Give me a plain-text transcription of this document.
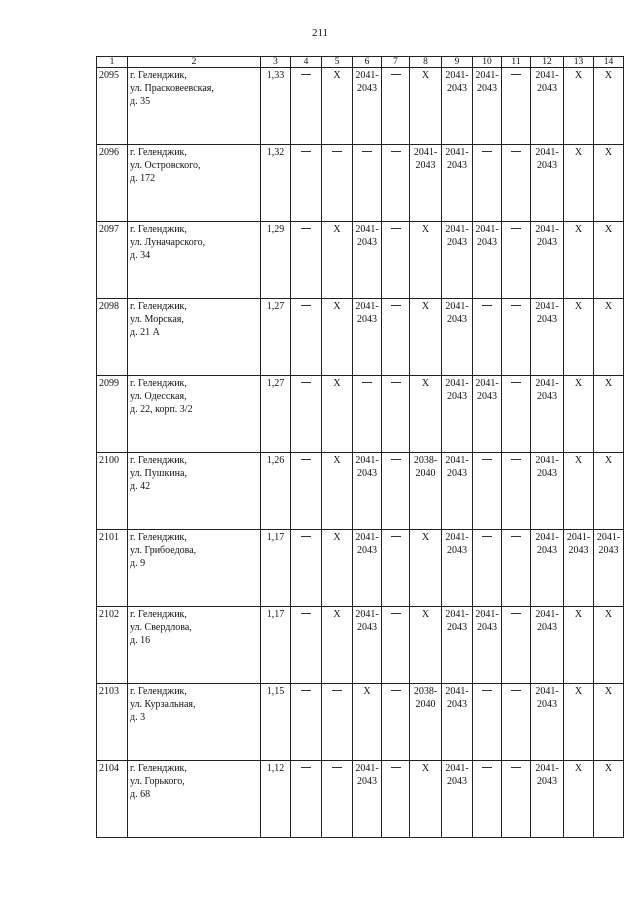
211
1	2	3	4	5	6	7	8	9	10	11	12	13	14
2095	г. Геленджик,
ул. Прасковеевская,
д. 35	1,33		X	2041-
2043		X	2041-
2043	2041-
2043		2041-
2043	X	X
2096	г. Геленджик,
ул. Островского,
д. 172	1,32					2041-
2043	2041-
2043			2041-
2043	X	X
2097	г. Геленджик,
ул. Луначарского,
д. 34	1,29		X	2041-
2043		X	2041-
2043	2041-
2043		2041-
2043	X	X
2098	г. Геленджик,
ул. Морская,
д. 21 А	1,27		X	2041-
2043		X	2041-
2043			2041-
2043	X	X
2099	г. Геленджик,
ул. Одесская,
д. 22, корп. 3/2	1,27		X			X	2041-
2043	2041-
2043		2041-
2043	X	X
2100	г. Геленджик,
ул. Пушкина,
д. 42	1,26		X	2041-
2043		2038-
2040	2041-
2043			2041-
2043	X	X
2101	г. Геленджик,
ул. Грибоедова,
д. 9	1,17		X	2041-
2043		X	2041-
2043			2041-
2043	2041-
2043	2041-
2043

2102	г. Геленджик,
ул. Свердлова,
д. 16	1,17		X	2041-
2043		X	2041-
2043	2041-
2043		2041-
2043	X	X
2103	г. Геленджик,
ул. Курзальная,
д. 3	1,15			X		2038-
2040	2041-
2043			2041-
2043	X	X
2104	г. Геленджик,
ул. Горького,
д. 68	1,12			2041-
2043		X	2041-
2043			2041-
2043	X	X
